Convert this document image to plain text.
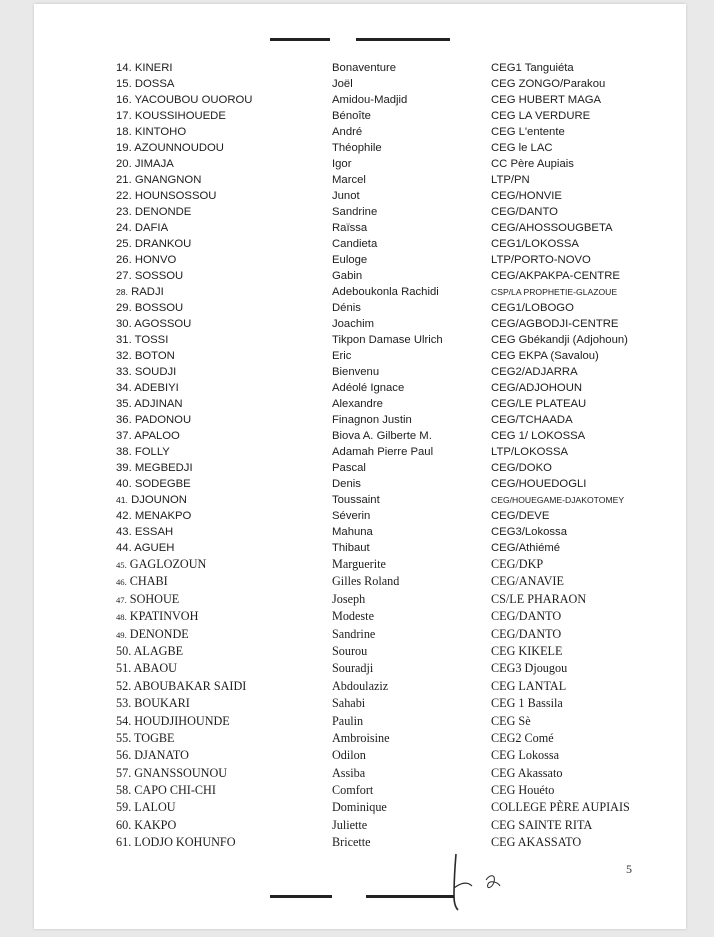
14. KINERI	Bonaventure	CEG1 Tanguiéta
15. DOSSA	Joël	CEG ZONGO/Parakou
16. YACOUBOU OUOROU	Amidou-Madjid	CEG HUBERT MAGA
17. KOUSSIHOUEDE	Bénoîte	CEG LA VERDURE
18. KINTOHO	André	CEG L'entente
19. AZOUNNOUDOU	Théophile	CEG le LAC
20. JIMAJA	Igor	CC Père Aupiais
21. GNANGNON	Marcel	LTP/PN
22. HOUNSOSSOU	Junot	CEG/HONVIE
23. DENONDE	Sandrine	CEG/DANTO
24. DAFIA	Raïssa	CEG/AHOSSOUGBETA
25. DRANKOU	Candieta	CEG1/LOKOSSA
26. HONVO	Euloge	LTP/PORTO-NOVO
27. SOSSOU	Gabin	CEG/AKPAKPA-CENTRE
28. RADJI	Adeboukonla Rachidi	CSP/LA PROPHETIE-GLAZOUE
29. BOSSOU	Dénis	CEG1/LOBOGO
30. AGOSSOU	Joachim	CEG/AGBODJI-CENTRE
31. TOSSI	Tikpon Damase Ulrich	CEG Gbékandji (Adjohoun)
32. BOTON	Eric	CEG EKPA (Savalou)
33. SOUDJI	Bienvenu	CEG2/ADJARRA
34. ADEBIYI	Adéolé Ignace	CEG/ADJOHOUN
35. ADJINAN	Alexandre	CEG/LE PLATEAU
36. PADONOU	Finagnon Justin	CEG/TCHAADA
37. APALOO	Biova A. Gilberte M.	CEG 1/ LOKOSSA
38. FOLLY	Adamah Pierre Paul	LTP/LOKOSSA
39. MEGBEDJI	Pascal	CEG/DOKO
40. SODEGBE	Denis	CEG/HOUEDOGLI
41. DJOUNON	Toussaint	CEG/HOUEGAME-DJAKOTOMEY
42. MENAKPO	Séverin	CEG/DEVE
43. ESSAH	Mahuna	CEG3/Lokossa
44. AGUEH	Thibaut	CEG/Athiémé
45. GAGLOZOUN	Marguerite	CEG/DKP
46. CHABI	Gilles Roland	CEG/ANAVIE
47. SOHOUE	Joseph	CS/LE PHARAON
48. KPATINVOH	Modeste	CEG/DANTO
49. DENONDE	Sandrine	CEG/DANTO
50. ALAGBE	Sourou	CEG KIKELE
51. ABAOU	Souradji	CEG3 Djougou
52. ABOUBAKAR SAIDI	Abdoulaziz	CEG LANTAL
53. BOUKARI	Sahabi	CEG 1 Bassila
54. HOUDJIHOUNDE	Paulin	CEG Sè
55. TOGBE	Ambroisine	CEG2 Comé
56. DJANATO	Odilon	CEG Lokossa
57. GNANSSOUNOU	Assiba	CEG Akassato
58. CAPO CHI-CHI	Comfort	CEG Houéto
59. LALOU	Dominique	COLLEGE PÈRE AUPIAIS
60. KAKPO	Juliette	CEG SAINTE RITA
61. LODJO KOHUNFO	Bricette	CEG AKASSATO
5
